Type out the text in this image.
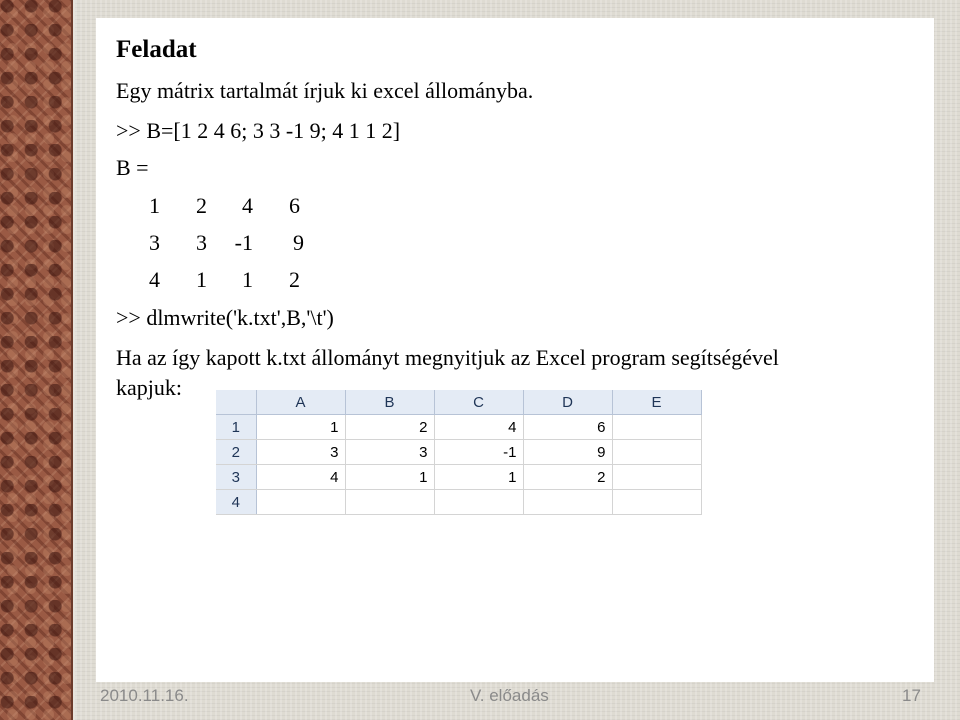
Feladat
Egy mátrix tartalmát írjuk ki excel állományba.
>> B=[1 2 4 6; 3 3 -1 9; 4 1 1 2]
B =
1	2	4	6
3	3	-1	9
4	1	1	2
>> dlmwrite('k.txt',B,'\t')
Ha az így kapott k.txt állományt megnyitjuk az Excel program segítségével
kapjuk:
	A	B	C	D	E
1	1	2	4	6	
2	3	3	-1	9	
3	4	1	1	2	
4					
2010.11.16.	V. előadás	17
